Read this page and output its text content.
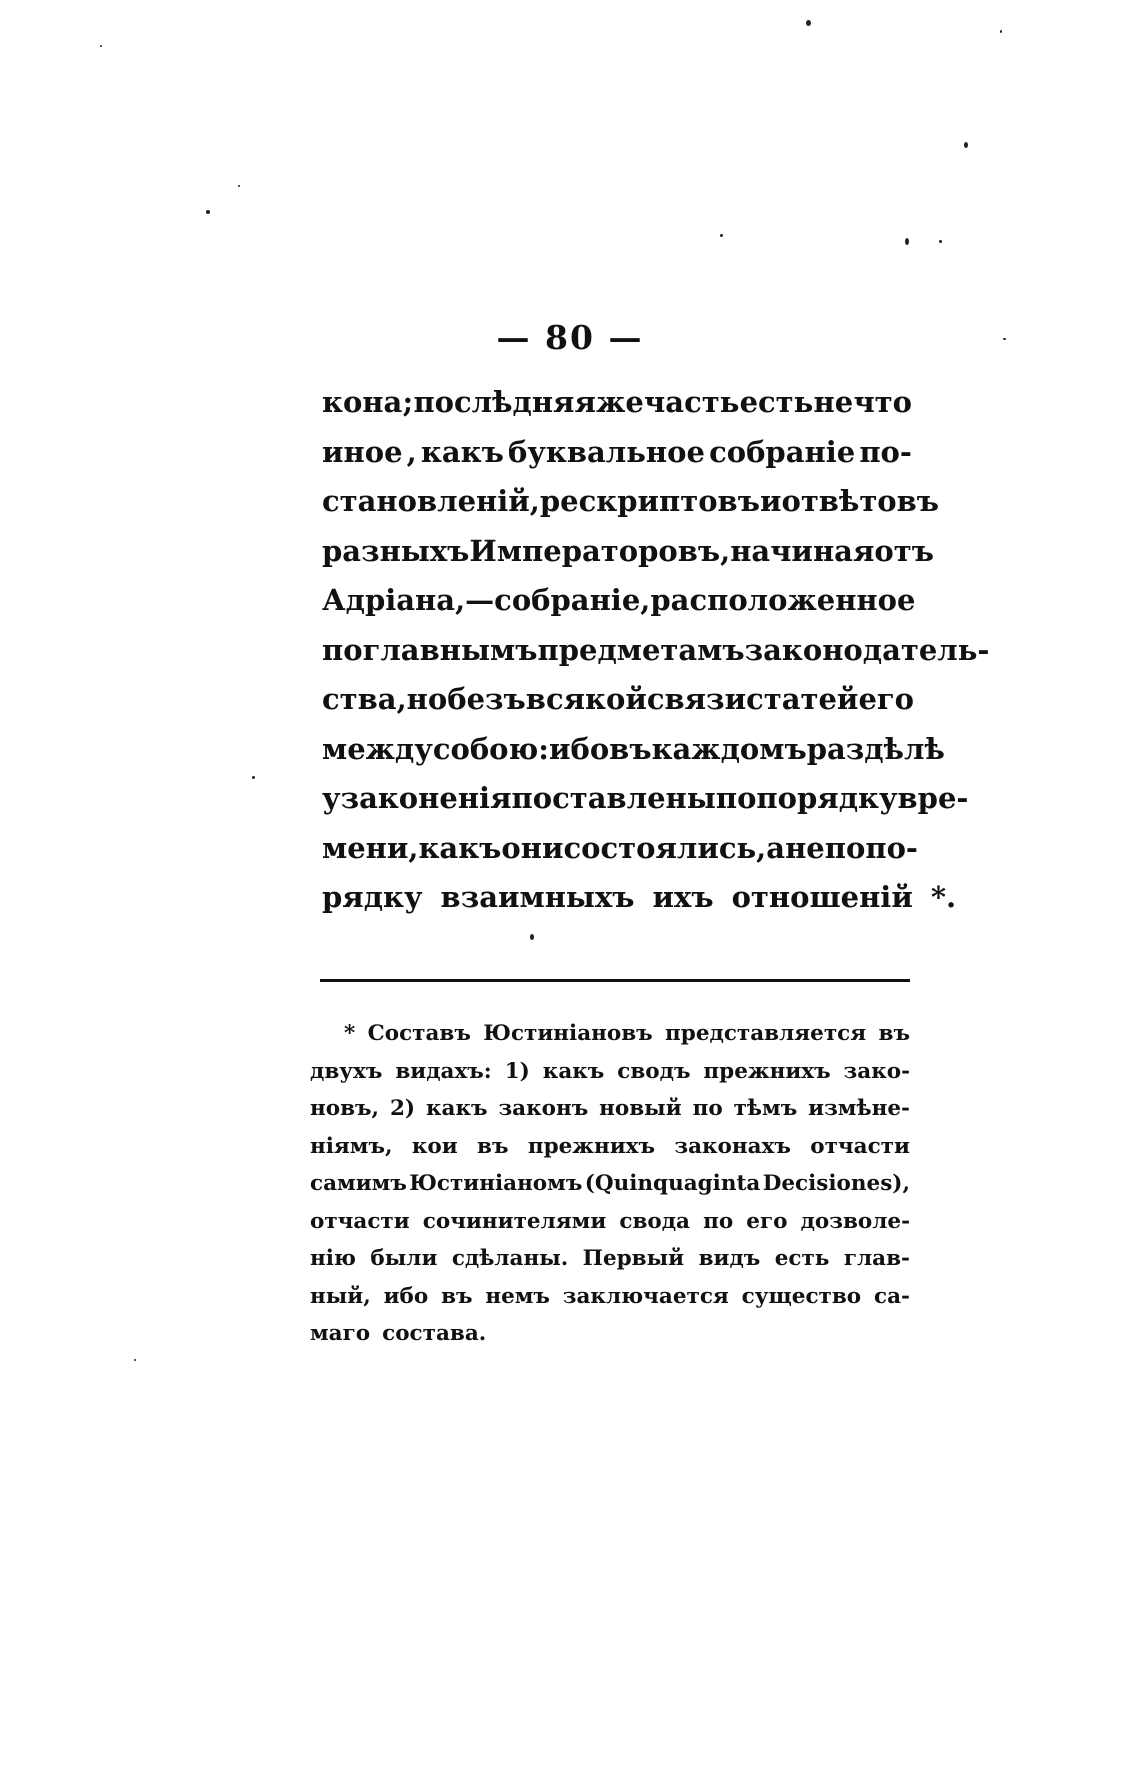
— 80 —
кона ; послѣдняя же часть есть не что
иное , какъ буквальное собраніе по-
становленій , рескриптовъ и отвѣтовъ
разныхъ Императоровъ, начиная отъ
Адріана , — собраніе , расположенное
по главнымъ предметамъ законодатель-
ства, но безъ всякой связи статей его
между собою: ибо въ каждомъ раздѣлѣ
узаконенія поставлены по порядку вре-
мени, какъ они состоялись, а не по по-
рядку взаимныхъ ихъ отношеній *.
* Составъ Юстиніановъ представляется въ
двухъ видахъ: 1) какъ сводъ прежнихъ зако-
новъ, 2) какъ законъ новый по тѣмъ измѣне-
ніямъ, кои въ прежнихъ законахъ отчасти
самимъ Юстиніаномъ (Quinquaginta Decisiones),
отчасти сочинителями свода по его дозволе-
нію были сдѣланы. Первый видъ есть глав-
ный, ибо въ немъ заключается существо са-
маго состава.
